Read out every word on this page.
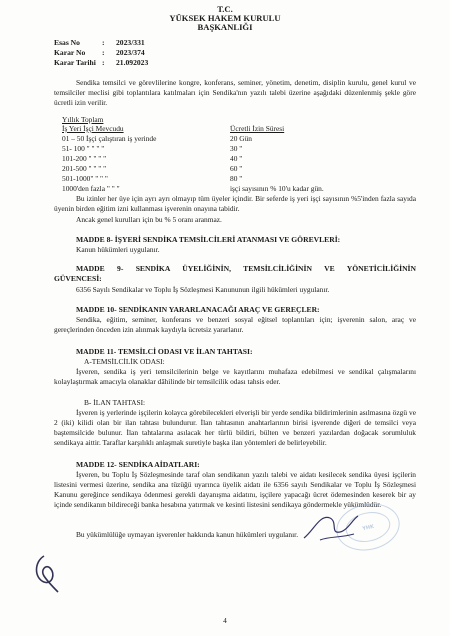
T.C.
YÜKSEK HAKEM KURULU
BAŞKANLIĞI
Esas No	: 2023/331
Karar No : 2023/374
Karar Tarihi : 21.092023

Sendika temsilci ve görevlilerine kongre, konferans, seminer, yönetim, denetim, disiplin kurulu, genel kurul ve temsilciler meclisi gibi toplantılara katılmaları için Sendika'nın yazılı talebi üzerine aşağıdaki düzenlenmiş şekle göre ücretli izin verilir.

Yıllık Toplam
İş Yeri İşçi Mevcudu	Ücretli İzin Süresi
01 – 50 İşçi çalıştıran iş yerinde	20 Gün
51- 100 " " " "	30 "
101-200 " " " "	40 "
201-500 " " " "	60 "
501-1000" " " "	80 "
1000'den fazla " " "	işçi sayısının % 10'u kadar gün.

Bu izinler her üye için ayrı ayrı olmayıp tüm üyeler içindir. Bir seferde iş yeri işçi sayısının %5'inden fazla sayıda üyenin birden eğitim izni kullanması işverenin onayına tabidir.

Ancak genel kurulları için bu % 5 oranı aranmaz.

MADDE 8- İŞYERİ SENDİKA TEMSİLCİLERİ ATANMASI VE GÖREVLERİ:

Kanun hükümleri uygulanır.

MADDE 9- SENDİKA ÜYELİĞİNİN, TEMSİLCİLİĞİNİN VE YÖNETİCİLİĞİNİN GÜVENCESİ:

6356 Sayılı Sendikalar ve Toplu İş Sözleşmesi Kanununun ilgili hükümleri uygulanır.

MADDE 10- SENDİKANIN YARARLANACAĞI ARAÇ VE GEREÇLER:

Sendika, eğitim, seminer, konferans ve benzeri sosyal eğitsel toplantıları için; işverenin salon, araç ve gereçlerinden önceden izin alınmak kaydıyla ücretsiz yararlanır.

MADDE 11- TEMSİLCİ ODASI VE İLAN TAHTASI:

A-TEMSİLCİLİK ODASI:

İşveren, sendika iş yeri temsilcilerinin belge ve kayıtlarını muhafaza edebilmesi ve sendikal çalışmalarını kolaylaştırmak amacıyla olanaklar dâhilinde bir temsilcilik odası tahsis eder.

B- İLAN TAHTASI:

İşveren iş yerlerinde işçilerin kolayca görebilecekleri elverişli bir yerde sendika bildirimlerinin asılmasına özgü ve 2 (iki) kilidi olan bir ilan tahtası bulundurur. İlan tahtasının anahtarlarının birisi işverende diğeri de temsilci veya baştemsilcide bulunur. İlan tahtalarına asılacak her türlü bildiri, bülten ve benzeri yazılardan doğacak sorumluluk sendikaya aittir. Taraflar karşılıklı anlaşmak suretiyle başka ilan yöntemleri de belirleyebilir.

MADDE 12- SENDİKA AİDATLARI:

İşveren, bu Toplu İş Sözleşmesinde taraf olan sendikanın yazılı talebi ve aidatı kesilecek sendika üyesi işçilerin listesini vermesi üzerine, sendika ana tüzüğü uyarınca üyelik aidatı ile 6356 sayılı Sendikalar ve Toplu İş Sözleşmesi Kanunu gereğince sendikaya ödenmesi gerekli dayanışma aidatını, işçilere yapacağı ücret ödemesinden keserek bir ay içinde sendikanın bildireceği banka hesabına yatırmak ve kesinti listesini sendikaya göndermekle yükümlüdür.

Bu yükümlülüğe uymayan işverenler hakkında kanun hükümleri uygulanır.

YHK
4
